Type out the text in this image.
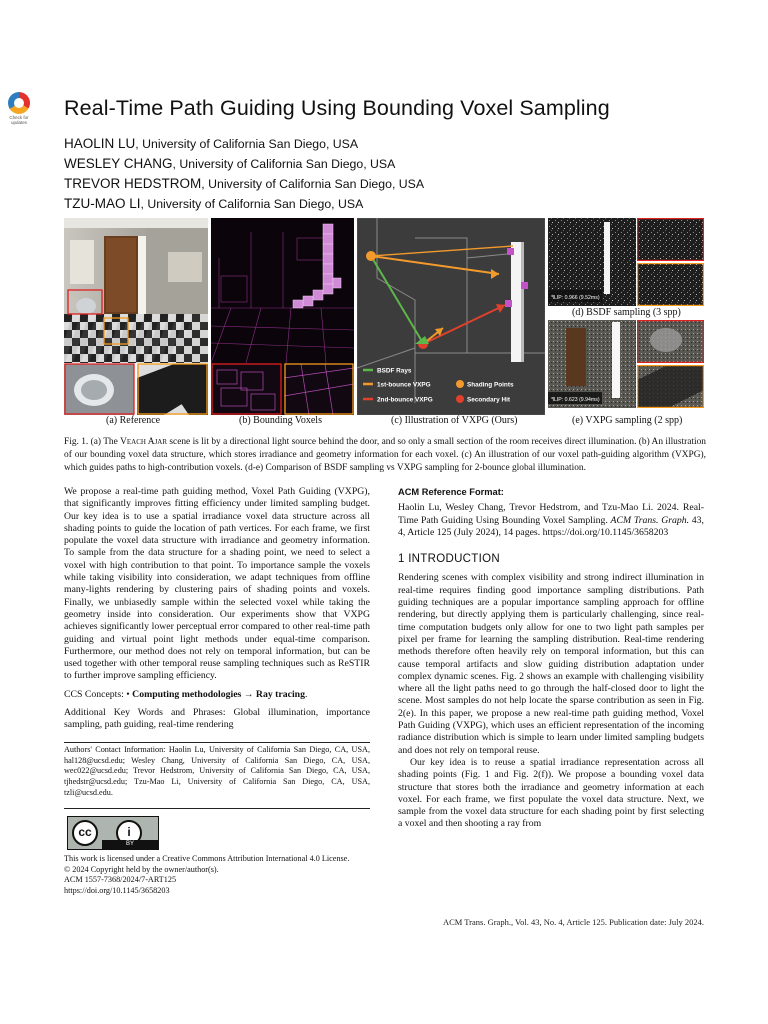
Check for updates
Real-Time Path Guiding Using Bounding Voxel Sampling
HAOLIN LU, University of California San Diego, USA
WESLEY CHANG, University of California San Diego, USA
TREVOR HEDSTROM, University of California San Diego, USA
TZU-MAO LI, University of California San Diego, USA
BSDF Rays
1st-bounce VXPG
2nd-bounce VXPG
Shading Points
Secondary Hit
ꟻLIP: 0.966 (9.52ms)
ꟻLIP: 0.623 (9.94ms)
(a) Reference	(b) Bounding Voxels	(c) Illustration of VXPG (Ours)
(d) BSDF sampling (3 spp)
(e) VXPG sampling (2 spp)
Fig. 1. (a) The Veach Ajar scene is lit by a directional light source behind the door, and so only a small section of the room receives direct illumination. (b) An illustration of our bounding voxel data structure, which stores irradiance and geometry information for each voxel. (c) An illustration of our voxel path-guiding algorithm (VXPG), which guides paths to high-contribution voxels. (d-e) Comparison of BSDF sampling vs VXPG sampling for 2-bounce global illumination.

We propose a real-time path guiding method, Voxel Path Guiding (VXPG), that significantly improves fitting efficiency under limited sampling budget. Our key idea is to use a spatial irradiance voxel data structure across all shading points to guide the location of path vertices. For each frame, we first populate the voxel data structure with irradiance and geometry information. To sample from the data structure for a shading point, we need to select a voxel with high contribution to that point. To importance sample the voxels while taking visibility into consideration, we adapt techniques from offline many-lights rendering by clustering pairs of shading points and voxels. Finally, we unbiasedly sample within the selected voxel while taking the geometry inside into consideration. Our experiments show that VXPG achieves significantly lower perceptual error compared to other real-time path guiding and virtual point light methods under equal-time comparison. Furthermore, our method does not rely on temporal information, but can be used together with other temporal reuse sampling techniques such as ReSTIR to further improve sampling efficiency.

CCS Concepts: • Computing methodologies → Ray tracing.

Additional Key Words and Phrases: Global illumination, importance sampling, path guiding, real-time rendering

Authors' Contact Information: Haolin Lu, University of California San Diego, CA, USA, hal128@ucsd.edu; Wesley Chang, University of California San Diego, CA, USA, wec022@ucsd.edu; Trevor Hedstrom, University of California San Diego, CA, USA, tjhedstr@ucsd.edu; Tzu-Mao Li, University of California San Diego, CA, USA, tzli@ucsd.edu.
cc	i
BY
This work is licensed under a Creative Commons Attribution International 4.0 License.
© 2024 Copyright held by the owner/author(s).
ACM 1557-7368/2024/7-ART125
https://doi.org/10.1145/3658203
ACM Reference Format:

Haolin Lu, Wesley Chang, Trevor Hedstrom, and Tzu-Mao Li. 2024. Real-Time Path Guiding Using Bounding Voxel Sampling. ACM Trans. Graph. 43, 4, Article 125 (July 2024), 14 pages. https://doi.org/10.1145/3658203

1 INTRODUCTION

Rendering scenes with complex visibility and strong indirect illumination in real-time requires finding good importance sampling distributions. Path guiding techniques are a popular importance sampling approach for offline rendering, but directly applying them is particularly challenging, since real-time computation budgets only allow for one to two light path samples per pixel per frame for learning the sampling distribution. Real-time rendering methods therefore often heavily rely on temporal information, but this can cause temporal artifacts and slow guiding distribution adaptation under complex dynamic scenes. Fig. 2 shows an example with challenging visibility where all the light paths need to go through the half-closed door to light the scene. Most samples do not help locate the sparse contribution as seen in Fig. 2(e). In this paper, we propose a new real-time path guiding method, Voxel Path Guiding (VXPG), which uses an efficient representation of the incoming radiance distribution which is simple to learn under limited sampling budgets and does not rely on temporal reuse.

Our key idea is to reuse a spatial irradiance representation across all shading points (Fig. 1 and Fig. 2(f)). We propose a bounding voxel data structure that stores both the irradiance and geometry information at each voxel. For each frame, we first populate the voxel data structure. Next, we sample from the voxel data structure for each shading point by first selecting a voxel and then shooting a ray from

ACM Trans. Graph., Vol. 43, No. 4, Article 125. Publication date: July 2024.
